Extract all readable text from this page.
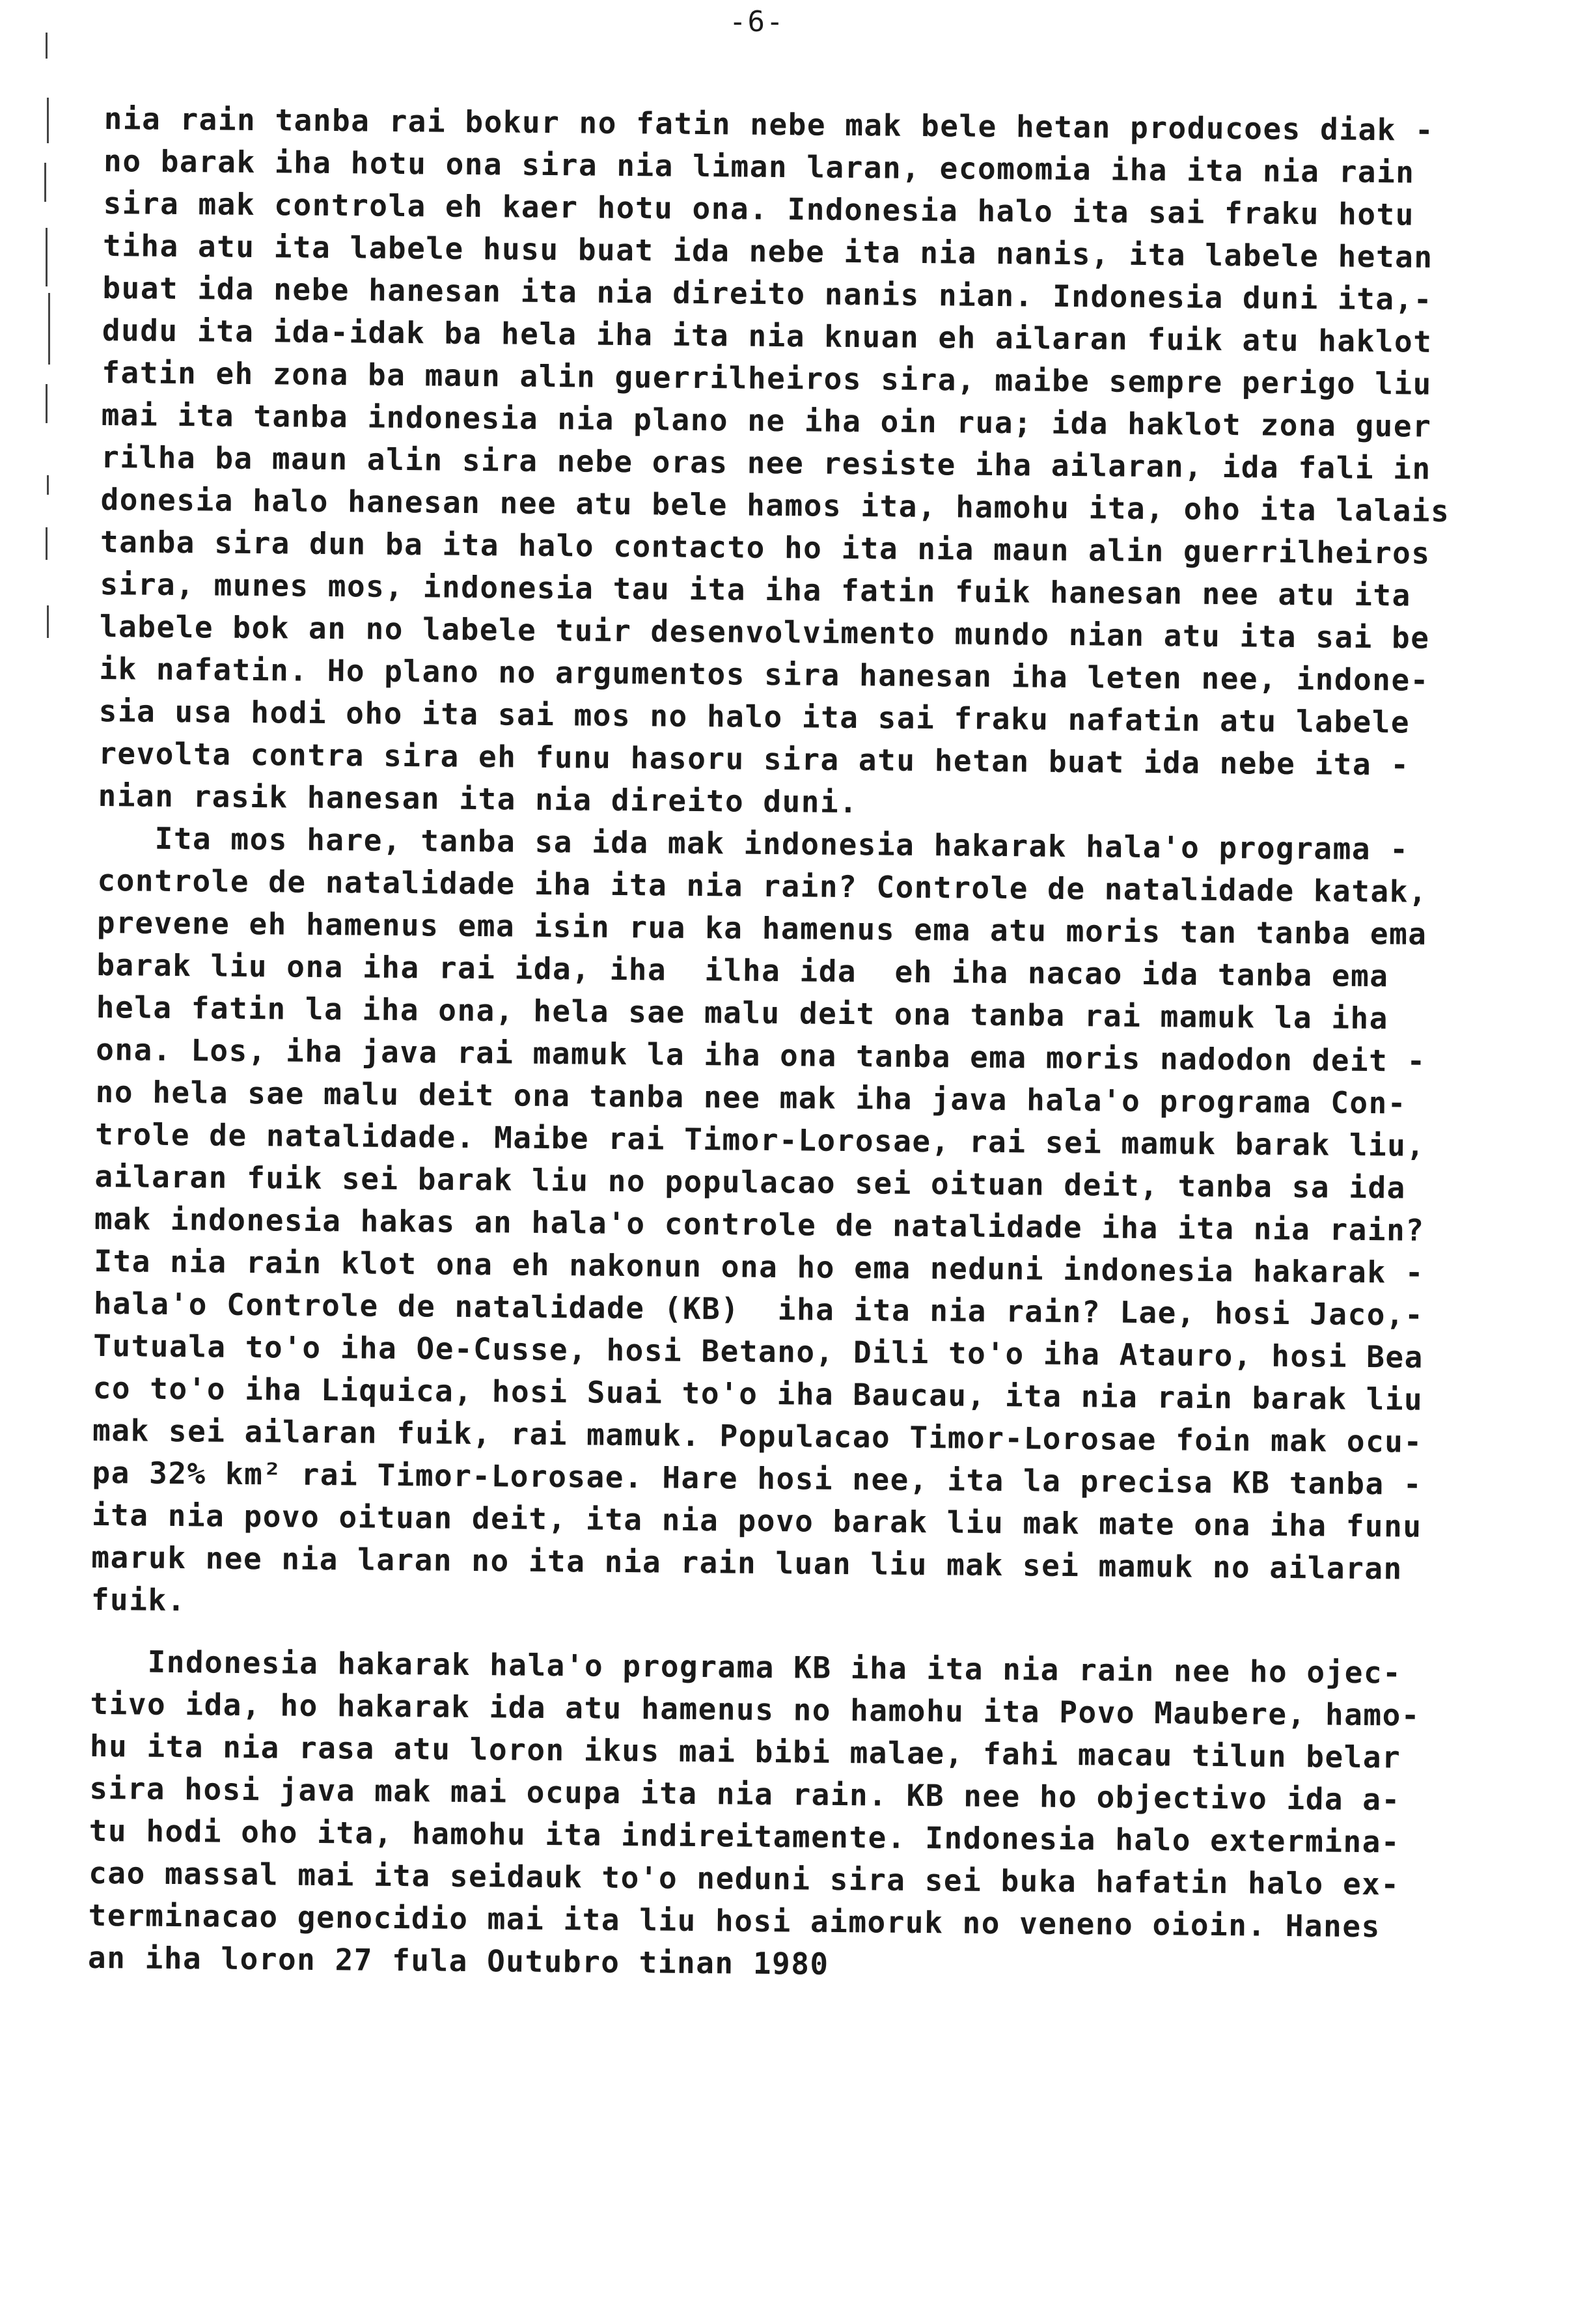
-6-
nia rain tanba rai bokur no fatin nebe mak bele hetan producoes diak -
no barak iha hotu ona sira nia liman laran, ecomomia iha ita nia rain
sira mak controla eh kaer hotu ona. Indonesia halo ita sai fraku hotu
tiha atu ita labele husu buat ida nebe ita nia nanis, ita labele hetan
buat ida nebe hanesan ita nia direito nanis nian. Indonesia duni ita,-
dudu ita ida-idak ba hela iha ita nia knuan eh ailaran fuik atu haklot
fatin eh zona ba maun alin guerrilheiros sira, maibe sempre perigo liu
mai ita tanba indonesia nia plano ne iha oin rua; ida haklot zona guer
rilha ba maun alin sira nebe oras nee resiste iha ailaran, ida fali in
donesia halo hanesan nee atu bele hamos ita, hamohu ita, oho ita lalais
tanba sira dun ba ita halo contacto ho ita nia maun alin guerrilheiros
sira, munes mos, indonesia tau ita iha fatin fuik hanesan nee atu ita
labele bok an no labele tuir desenvolvimento mundo nian atu ita sai be
ik nafatin. Ho plano no argumentos sira hanesan iha leten nee, indone-
sia usa hodi oho ita sai mos no halo ita sai fraku nafatin atu labele
revolta contra sira eh funu hasoru sira atu hetan buat ida nebe ita -
nian rasik hanesan ita nia direito duni.
Ita mos hare, tanba sa ida mak indonesia hakarak hala'o programa -
controle de natalidade iha ita nia rain? Controle de natalidade katak,
prevene eh hamenus ema isin rua ka hamenus ema atu moris tan tanba ema
barak liu ona iha rai ida, iha  ilha ida  eh iha nacao ida tanba ema
hela fatin la iha ona, hela sae malu deit ona tanba rai mamuk la iha
ona. Los, iha java rai mamuk la iha ona tanba ema moris nadodon deit -
no hela sae malu deit ona tanba nee mak iha java hala'o programa Con-
trole de natalidade. Maibe rai Timor-Lorosae, rai sei mamuk barak liu,
ailaran fuik sei barak liu no populacao sei oituan deit, tanba sa ida
mak indonesia hakas an hala'o controle de natalidade iha ita nia rain?
Ita nia rain klot ona eh nakonun ona ho ema neduni indonesia hakarak -
hala'o Controle de natalidade (KB)  iha ita nia rain? Lae, hosi Jaco,-
Tutuala to'o iha Oe-Cusse, hosi Betano, Dili to'o iha Atauro, hosi Bea
co to'o iha Liquica, hosi Suai to'o iha Baucau, ita nia rain barak liu
mak sei ailaran fuik, rai mamuk. Populacao Timor-Lorosae foin mak ocu-
pa 32% km² rai Timor-Lorosae. Hare hosi nee, ita la precisa KB tanba -
ita nia povo oituan deit, ita nia povo barak liu mak mate ona iha funu
maruk nee nia laran no ita nia rain luan liu mak sei mamuk no ailaran
fuik.
Indonesia hakarak hala'o programa KB iha ita nia rain nee ho ojec-
tivo ida, ho hakarak ida atu hamenus no hamohu ita Povo Maubere, hamo-
hu ita nia rasa atu loron ikus mai bibi malae, fahi macau tilun belar
sira hosi java mak mai ocupa ita nia rain. KB nee ho objectivo ida a-
tu hodi oho ita, hamohu ita indireitamente. Indonesia halo extermina-
cao massal mai ita seidauk to'o neduni sira sei buka hafatin halo ex-
terminacao genocidio mai ita liu hosi aimoruk no veneno oioin. Hanes
an iha loron 27 fula Outubro tinan 1980
